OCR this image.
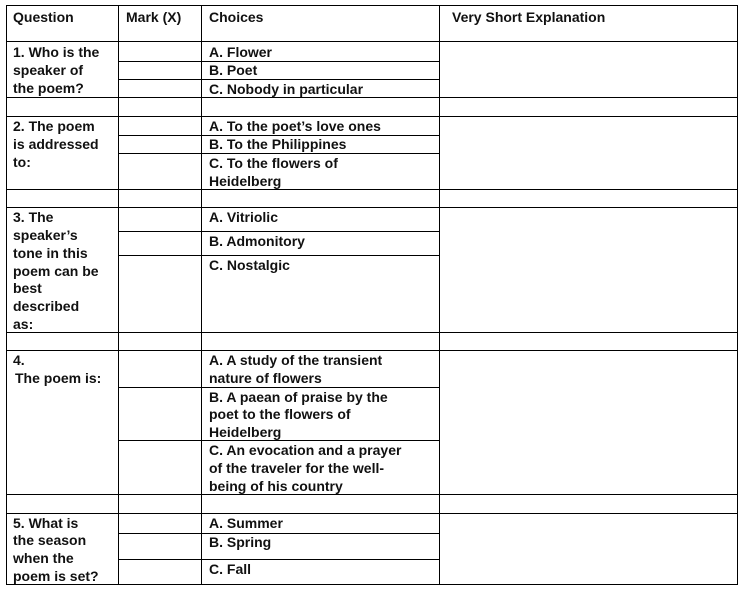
Question	Mark (X) Choices	Very Short Explanation
1. Who is the
speaker of
the poem?
A. Flower
B. Poet
C. Nobody in particular
2. The poem
is addressed
to:
A. To the poet’s love ones
B. To the Philippines
C. To the flowers of
Heidelberg
3. The
speaker’s
tone in this
poem can be
best
described
as:
A. Vitriolic
B. Admonitory
C. Nostalgic
4.
The poem is:
A. A study of the transient
nature of flowers
B. A paean of praise by the
poet to the flowers of
Heidelberg
C. An evocation and a prayer
of the traveler for the well-
being of his country
5. What is
the season
when the
poem is set?
A. Summer
B. Spring
C. Fall
